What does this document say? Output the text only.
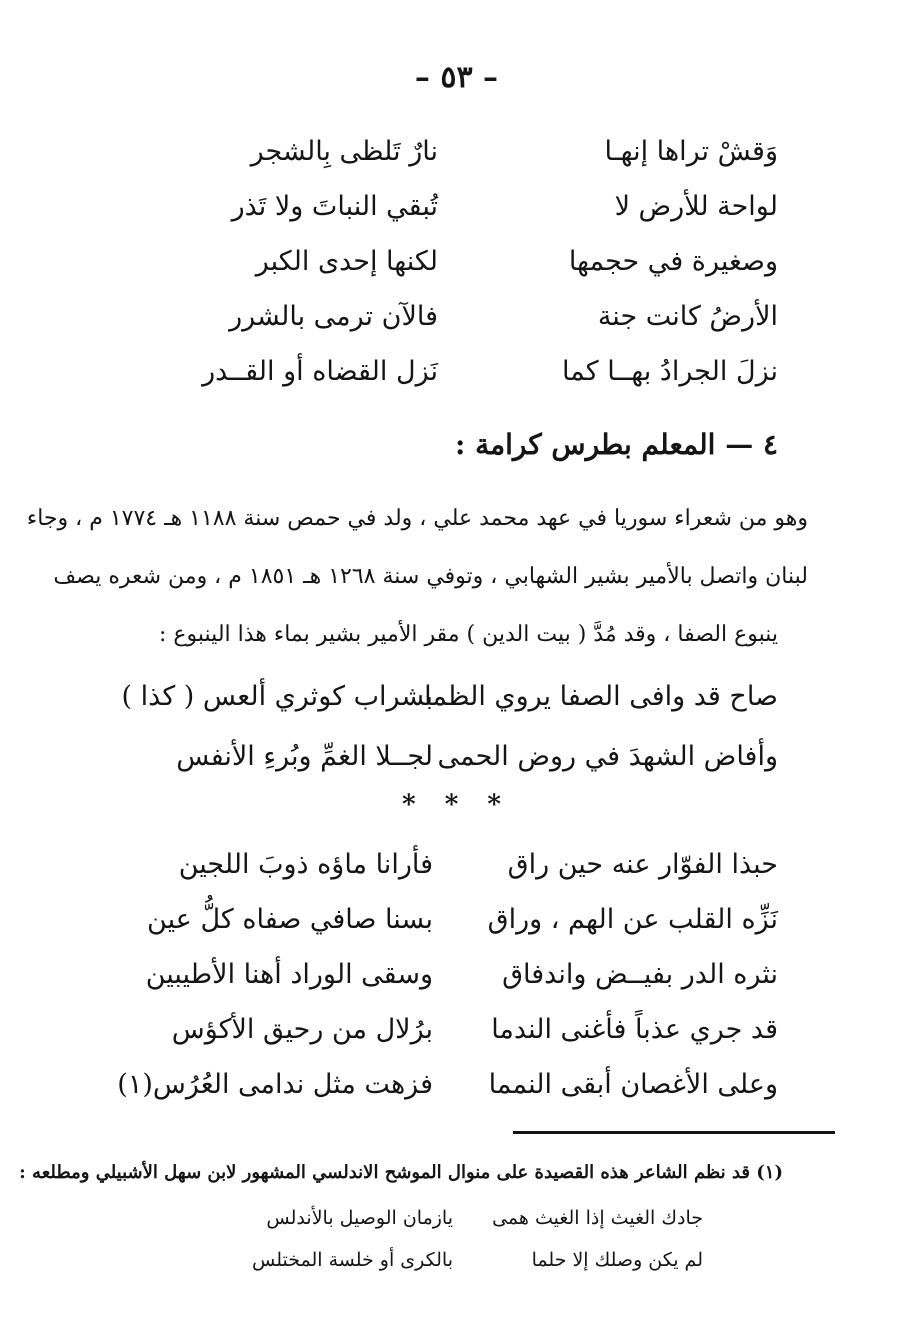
– ٥٣ –
وَقشْ تراها إنهـا
نارٌ تَلظى بِالشجر
لواحة للأرض لا
تُبقي النباتَ ولا تَذر
وصغيرة في حجمها
لكنها إحدى الكبر
الأرضُ كانت جنة
فالآن ترمى بالشرر
نزلَ الجرادُ بهــا كما
نَزل القضاه أو القــدر
٤ — المعلم بطرس كرامة :
وهو من شعراء سوريا في عهد محمد علي ، ولد في حمص سنة ١١٨٨ هـ ١٧٧٤ م ، وجاء
لبنان واتصل بالأمير بشير الشهابي ، وتوفي سنة ١٢٦٨ هـ ١٨٥١ م ، ومن شعره يصف
ينبوع الصفا ، وقد مُدَّ ( بيت الدين ) مقر الأمير بشير بماء هذا الينبوع :
صاح قد وافى الصفا يروي الظما
بشراب كوثري ألعس ( كذا )
وأفاض الشهدَ في روض الحمى
لجــلا الغمِّ وبُرءِ الأنفس
* * *
حبذا الفوّار عنه حين راق
فأرانا ماؤه ذوبَ اللجين
نَزِّه القلب عن الهم ، وراق
بسنا صافي صفاه كلُّ عين
نثره الدر بفيــض واندفاق
وسقى الوراد أهنا الأطيبين
قد جري عذباً فأغنى الندما
برُلال من رحيق الأكؤس
وعلى الأغصان أبقى النمما
فزهت مثل ندامى العُرُس(١)
(١) قد نظم الشاعر هذه القصيدة على منوال الموشح الاندلسي المشهور لابن سهل الأشبيلي ومطلعه :
جادك الغيث إذا الغيث همى
يازمان الوصيل بالأندلس
لم يكن وصلك إلا حلما
بالكرى أو خلسة المختلس
